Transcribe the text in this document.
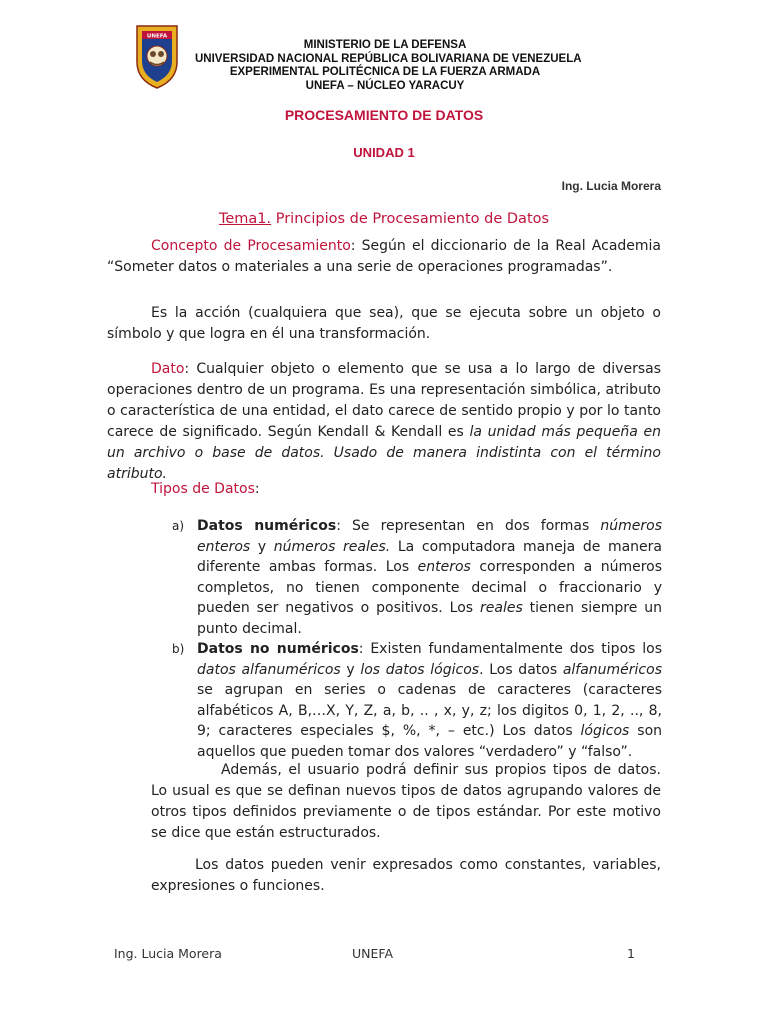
UNEFA
MINISTERIO DE LA DEFENSA
UNIVERSIDAD NACIONAL REPÚBLICA BOLIVARIANA DE VENEZUELA
EXPERIMENTAL POLITÉCNICA DE LA FUERZA ARMADA
UNEFA – NÚCLEO YARACUY
PROCESAMIENTO DE DATOS
UNIDAD 1
Ing. Lucia Morera
Tema1. Principios de Procesamiento de Datos

Concepto de Procesamiento: Según el diccionario de la Real Academia “Someter datos o materiales a una serie de operaciones programadas”.

Es la acción (cualquiera que sea), que se ejecuta sobre un objeto o símbolo y que logra en él una transformación.

Dato: Cualquier objeto o elemento que se usa a lo largo de diversas operaciones dentro de un programa. Es una representación simbólica, atributo o característica de una entidad, el dato carece de sentido propio y por lo tanto carece de significado. Según Kendall & Kendall es la unidad más pequeña en un archivo o base de datos. Usado de manera indistinta con el término atributo.

Tipos de Datos:

a) Datos numéricos: Se representan en dos formas números enteros y números reales. La computadora maneja de manera diferente ambas formas. Los enteros corresponden a números completos, no tienen componente decimal o fraccionario y pueden ser negativos o positivos. Los reales tienen siempre un punto decimal.
b) Datos no numéricos: Existen fundamentalmente dos tipos los datos alfanuméricos y los datos lógicos. Los datos alfanuméricos se agrupan en series o cadenas de caracteres (caracteres alfabéticos A, B,…X, Y, Z, a, b, .. , x, y, z; los digitos 0, 1, 2, .., 8, 9; caracteres especiales $, %, *, – etc.) Los datos lógicos son aquellos que pueden tomar dos valores “verdadero” y “falso”.

Además, el usuario podrá definir sus propios tipos de datos. Lo usual es que se definan nuevos tipos de datos agrupando valores de otros tipos definidos previamente o de tipos estándar. Por este motivo se dice que están estructurados.

Los datos pueden venir expresados como constantes, variables, expresiones o funciones.

Ing. Lucia Morera	UNEFA	1
